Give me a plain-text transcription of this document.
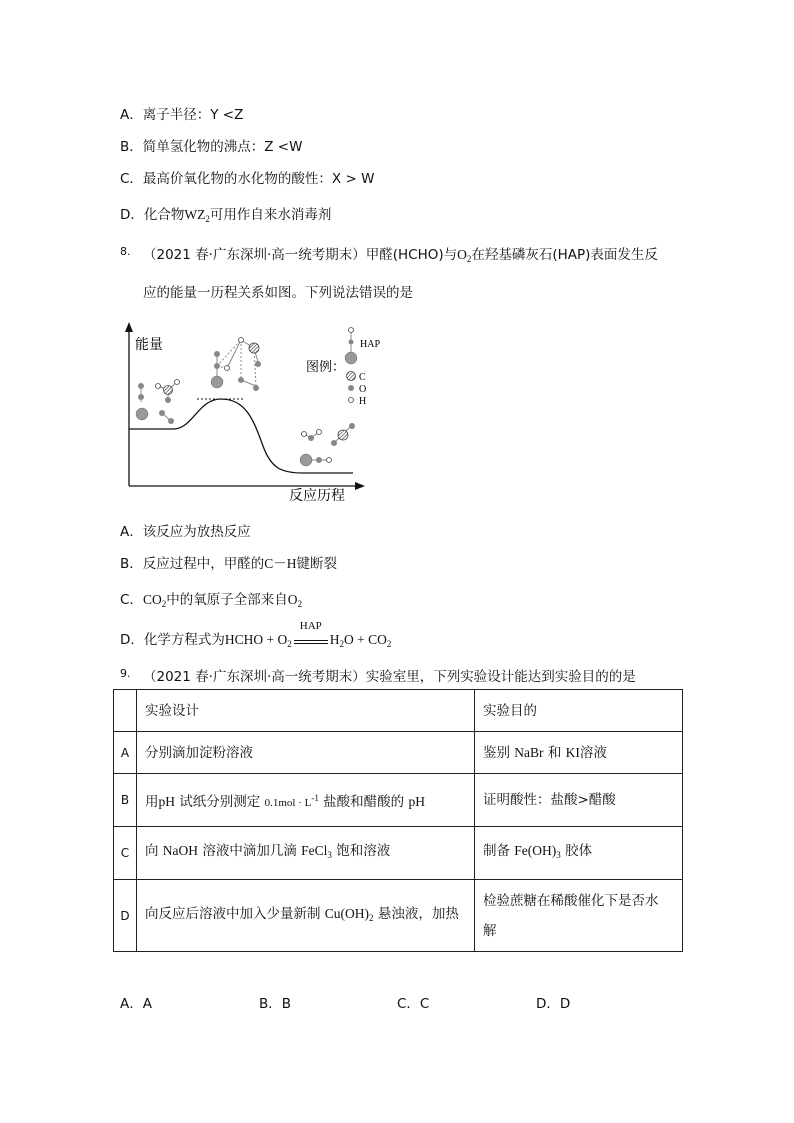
A．离子半径：Y <Z
B．简单氢化物的沸点：Z <W
C．最高价氧化物的水化物的酸性：X > W
D．化合物$WZ_2$可用作自来水消毒剂
8. （2021 春·广东深圳·高一统考期末）甲醛(HCHO)与$O_2$在羟基磷灰石(HAP)表面发生反
应的能量一历程关系如图。下列说法错误的是
能量
反应历程
图例：
HAP
C
O
H
A．该反应为放热反应
B．反应过程中，甲醛的C－H键断裂
C．$CO_2$中的氧原子全部来自$O_2$
D．化学方程式为HCHO + $O_2$
HAP
$H_2O + CO_2$
9. （2021 春·广东深圳·高一统考期末）实验室里，下列实验设计能达到实验目的的是
	实验设计	实验目的
A	分别滴加淀粉溶液	鉴别 NaBr 和 KI溶液
B	用pH 试纸分别测定 $0.1mol \cdot L^{-1}$ 盐酸和醋酸的 pH	证明酸性：盐酸>醋酸
C	向 NaOH 溶液中滴加几滴 FeCl$_3$ 饱和溶液	制备 $Fe(OH)_3$ 胶体
D	向反应后溶液中加入少量新制 $Cu(OH)_2$ 悬浊液，加热	检验蔗糖在稀酸催化下是否水
解
A．A	B．B	C．C	D．D
